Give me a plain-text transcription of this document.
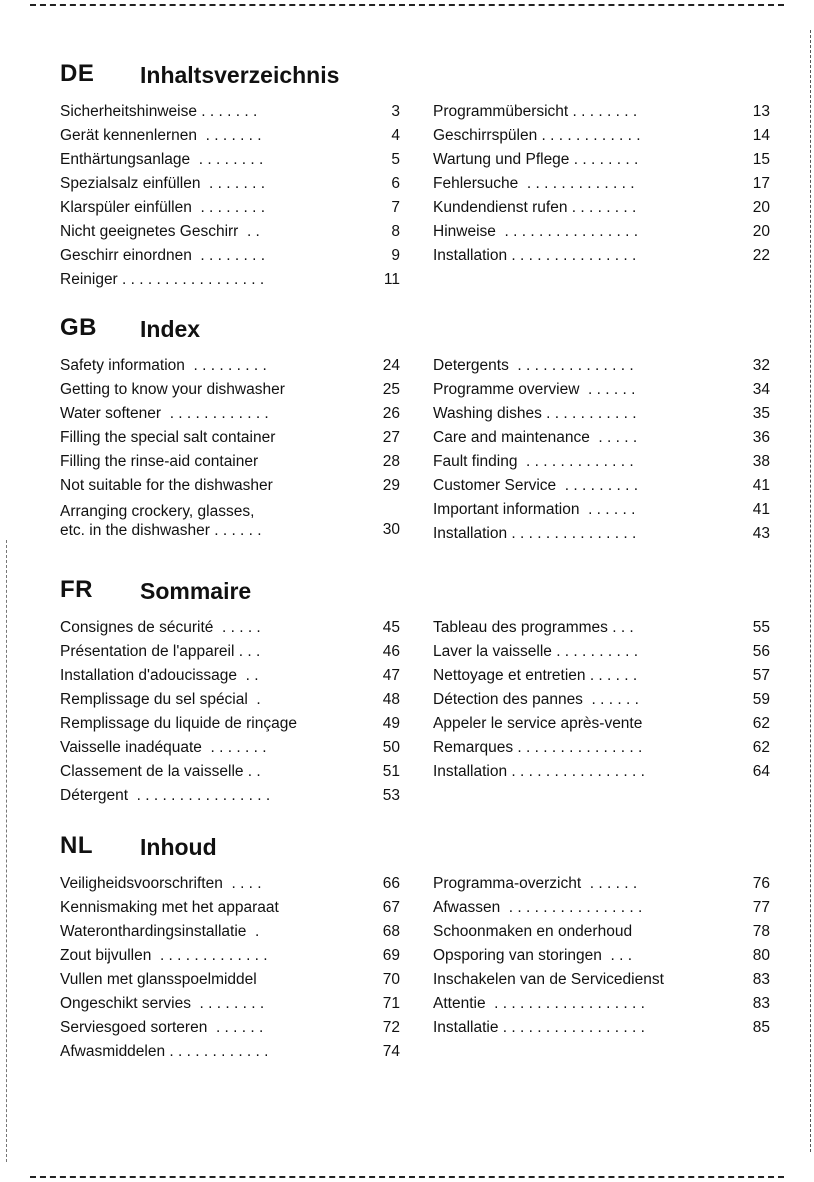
DE Inhaltsverzeichnis
Sicherheitshinweise . . . . . . .	3
Gerät kennenlernen  . . . . . . .	4
Enthärtungsanlage  . . . . . . . .	5
Spezialsalz einfüllen  . . . . . . .	6
Klarspüler einfüllen  . . . . . . . .	7
Nicht geeignetes Geschirr  . .	8
Geschirr einordnen  . . . . . . . .	9
Reiniger . . . . . . . . . . . . . . . . .	11
Programmübersicht . . . . . . . .	13
Geschirrspülen . . . . . . . . . . . .	14
Wartung und Pflege . . . . . . . .	15
Fehlersuche  . . . . . . . . . . . . .	17
Kundendienst rufen . . . . . . . .	20
Hinweise  . . . . . . . . . . . . . . . .	20
Installation . . . . . . . . . . . . . . .	22
GB Index
Safety information  . . . . . . . . .	24
Getting to know your dishwasher	25
Water softener  . . . . . . . . . . . .	26
Filling the special salt container	27
Filling the rinse-aid container	28
Not suitable for the dishwasher	29
Arranging crockery, glasses,
etc. in the dishwasher . . . . . .	30
Detergents  . . . . . . . . . . . . . .	32
Programme overview  . . . . . .	34
Washing dishes . . . . . . . . . . .	35
Care and maintenance  . . . . .	36
Fault finding  . . . . . . . . . . . . .	38
Customer Service  . . . . . . . . .	41
Important information  . . . . . .	41
Installation . . . . . . . . . . . . . . .	43
FR Sommaire
Consignes de sécurité  . . . . .	45
Présentation de l'appareil . . .	46
Installation d'adoucissage  . .	47
Remplissage du sel spécial  .	48
Remplissage du liquide de rinçage	49
Vaisselle inadéquate  . . . . . . .	50
Classement de la vaisselle . .	51
Détergent  . . . . . . . . . . . . . . . .	53
Tableau des programmes . . .	55
Laver la vaisselle . . . . . . . . . .	56
Nettoyage et entretien . . . . . .	57
Détection des pannes  . . . . . .	59
Appeler le service après-vente	62
Remarques . . . . . . . . . . . . . . .	62
Installation . . . . . . . . . . . . . . . .	64
NL Inhoud
Veiligheidsvoorschriften  . . . .	66
Kennismaking met het apparaat	67
Wateronthardingsinstallatie  .	68
Zout bijvullen  . . . . . . . . . . . . .	69
Vullen met glansspoelmiddel	70
Ongeschikt servies  . . . . . . . .	71
Serviesgoed sorteren  . . . . . .	72
Afwasmiddelen . . . . . . . . . . . .	74
Programma-overzicht  . . . . . .	76
Afwassen  . . . . . . . . . . . . . . . .	77
Schoonmaken en onderhoud	78
Opsporing van storingen  . . .	80
Inschakelen van de Servicedienst	83
Attentie  . . . . . . . . . . . . . . . . . .	83
Installatie . . . . . . . . . . . . . . . . .	85
